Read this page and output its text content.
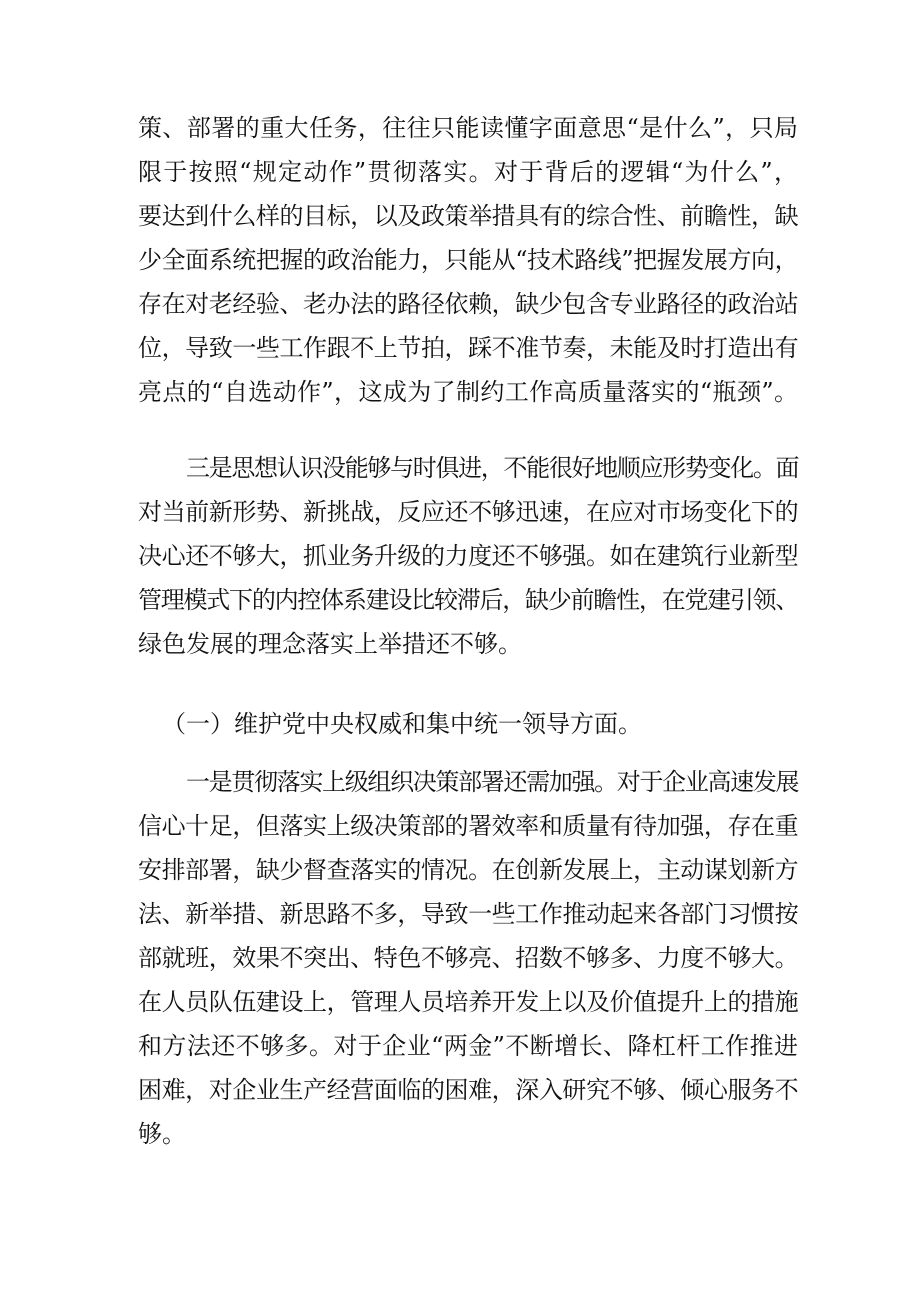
策、部署的重大任务，往往只能读懂字面意思“是什么”，只局
限于按照“规定动作”贯彻落实。对于背后的逻辑“为什么”，
要达到什么样的目标，以及政策举措具有的综合性、前瞻性，缺
少全面系统把握的政治能力，只能从“技术路线”把握发展方向，
存在对老经验、老办法的路径依赖，缺少包含专业路径的政治站
位，导致一些工作跟不上节拍，踩不准节奏，未能及时打造出有
亮点的“自选动作”，这成为了制约工作高质量落实的“瓶颈”。
三是思想认识没能够与时俱进，不能很好地顺应形势变化。面
对当前新形势、新挑战，反应还不够迅速，在应对市场变化下的
决心还不够大，抓业务升级的力度还不够强。如在建筑行业新型
管理模式下的内控体系建设比较滞后，缺少前瞻性，在党建引领、
绿色发展的理念落实上举措还不够。
（一）维护党中央权威和集中统一领导方面。
一是贯彻落实上级组织决策部署还需加强。对于企业高速发展
信心十足，但落实上级决策部的署效率和质量有待加强，存在重
安排部署，缺少督查落实的情况。在创新发展上，主动谋划新方
法、新举措、新思路不多，导致一些工作推动起来各部门习惯按
部就班，效果不突出、特色不够亮、招数不够多、力度不够大。
在人员队伍建设上，管理人员培养开发上以及价值提升上的措施
和方法还不够多。对于企业“两金”不断增长、降杠杆工作推进
困难，对企业生产经营面临的困难，深入研究不够、倾心服务不
够。
